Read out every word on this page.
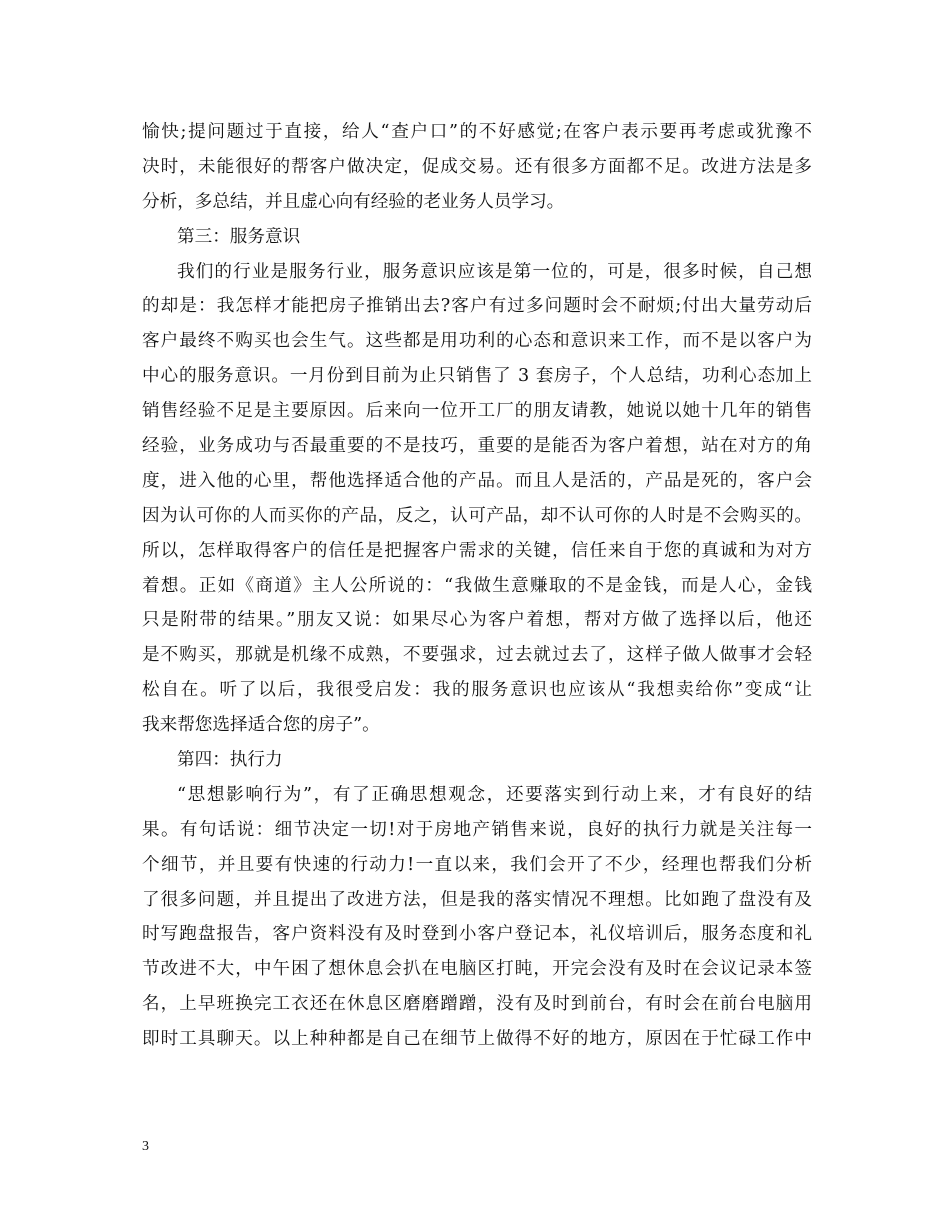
愉快;提问题过于直接，给人“查户口”的不好感觉;在客户表示要再考虑或犹豫不
决时，未能很好的帮客户做决定，促成交易。还有很多方面都不足。改进方法是多
分析，多总结，并且虚心向有经验的老业务人员学习。
第三：服务意识
我们的行业是服务行业，服务意识应该是第一位的，可是，很多时候，自己想
的却是：我怎样才能把房子推销出去?客户有过多问题时会不耐烦;付出大量劳动后
客户最终不购买也会生气。这些都是用功利的心态和意识来工作，而不是以客户为
中心的服务意识。一月份到目前为止只销售了 3 套房子，个人总结，功利心态加上
销售经验不足是主要原因。后来向一位开工厂的朋友请教，她说以她十几年的销售
经验，业务成功与否最重要的不是技巧，重要的是能否为客户着想，站在对方的角
度，进入他的心里，帮他选择适合他的产品。而且人是活的，产品是死的，客户会
因为认可你的人而买你的产品，反之，认可产品，却不认可你的人时是不会购买的。
所以，怎样取得客户的信任是把握客户需求的关键，信任来自于您的真诚和为对方
着想。正如《商道》主人公所说的：“我做生意赚取的不是金钱，而是人心，金钱
只是附带的结果。”朋友又说：如果尽心为客户着想，帮对方做了选择以后，他还
是不购买，那就是机缘不成熟，不要强求，过去就过去了，这样子做人做事才会轻
松自在。听了以后，我很受启发：我的服务意识也应该从“我想卖给你”变成“让
我来帮您选择适合您的房子”。
第四：执行力
“思想影响行为”，有了正确思想观念，还要落实到行动上来，才有良好的结
果。有句话说：细节决定一切!对于房地产销售来说，良好的执行力就是关注每一
个细节，并且要有快速的行动力!一直以来，我们会开了不少，经理也帮我们分析
了很多问题，并且提出了改进方法，但是我的落实情况不理想。比如跑了盘没有及
时写跑盘报告，客户资料没有及时登到小客户登记本，礼仪培训后，服务态度和礼
节改进不大，中午困了想休息会扒在电脑区打盹，开完会没有及时在会议记录本签
名，上早班换完工衣还在休息区磨磨蹭蹭，没有及时到前台，有时会在前台电脑用
即时工具聊天。以上种种都是自己在细节上做得不好的地方，原因在于忙碌工作中
3
